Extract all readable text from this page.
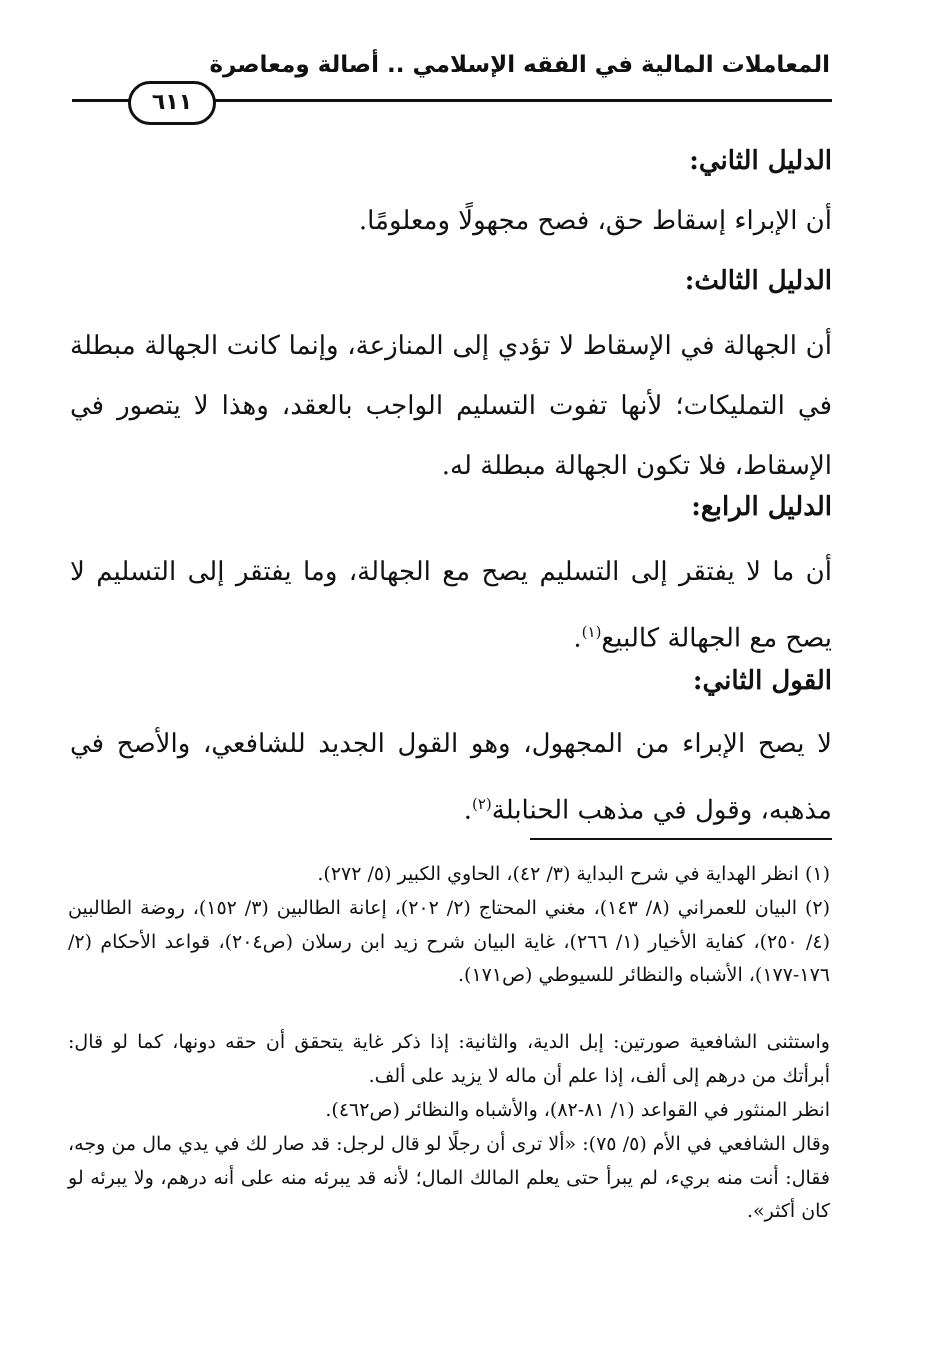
المعاملات المالية في الفقه الإسلامي .. أصالة ومعاصرة
٦١١
الدليل الثاني:
أن الإبراء إسقاط حق، فصح مجهولًا ومعلومًا.
الدليل الثالث:
أن الجهالة في الإسقاط لا تؤدي إلى المنازعة، وإنما كانت الجهالة مبطلة في التمليكات؛ لأنها تفوت التسليم الواجب بالعقد، وهذا لا يتصور في الإسقاط، فلا تكون الجهالة مبطلة له.
الدليل الرابع:
أن ما لا يفتقر إلى التسليم يصح مع الجهالة، وما يفتقر إلى التسليم لا يصح مع الجهالة كالبيع$^{(١)}$.
القول الثاني:
لا يصح الإبراء من المجهول، وهو القول الجديد للشافعي، والأصح في مذهبه، وقول في مذهب الحنابلة$^{(٢)}$.
(١) انظر الهداية في شرح البداية (٣/ ٤٢)، الحاوي الكبير (٥/ ٢٧٢).
(٢) البيان للعمراني (٨/ ١٤٣)، مغني المحتاج (٢/ ٢٠٢)، إعانة الطالبين (٣/ ١٥٢)، روضة الطالبين (٤/ ٢٥٠)، كفاية الأخيار (١/ ٢٦٦)، غاية البيان شرح زيد ابن رسلان (ص٢٠٤)، قواعد الأحكام (٢/ ١٧٦-١٧٧)، الأشباه والنظائر للسيوطي (ص١٧١).
واستثنى الشافعية صورتين: إبل الدية، والثانية: إذا ذكر غاية يتحقق أن حقه دونها، كما لو قال: أبرأتك من درهم إلى ألف، إذا علم أن ماله لا يزيد على ألف.
انظر المنثور في القواعد (١/ ٨١-٨٢)، والأشباه والنظائر (ص٤٦٢).
وقال الشافعي في الأم (٥/ ٧٥): «ألا ترى أن رجلًا لو قال لرجل: قد صار لك في يدي مال من وجه، فقال: أنت منه بريء، لم يبرأ حتى يعلم المالك المال؛ لأنه قد يبرئه منه على أنه درهم، ولا يبرئه لو كان أكثر».
